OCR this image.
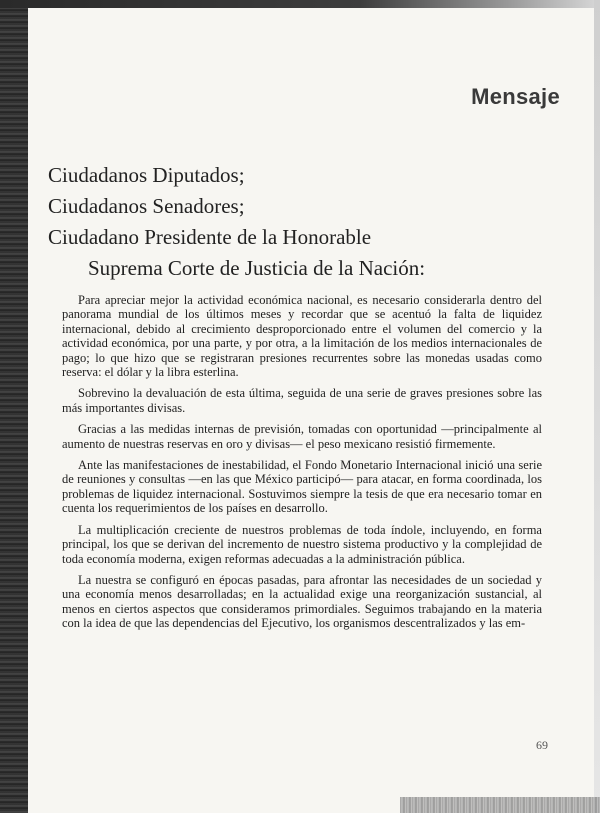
Mensaje
Ciudadanos Diputados;
Ciudadanos Senadores;
Ciudadano Presidente de la Honorable
Suprema Corte de Justicia de la Nación:

Para apreciar mejor la actividad económica nacional, es necesario considerarla dentro del panorama mundial de los últimos meses y recordar que se acentuó la falta de liquidez internacional, debido al crecimiento desproporcionado entre el volumen del comercio y la actividad económica, por una parte, y por otra, a la limitación de los medios internacionales de pago; lo que hizo que se registraran presiones recurrentes sobre las monedas usadas como reserva: el dólar y la libra esterlina.

Sobrevino la devaluación de esta última, seguida de una serie de graves presiones sobre las más importantes divisas.

Gracias a las medidas internas de previsión, tomadas con oportunidad —principalmente al aumento de nuestras reservas en oro y divisas— el peso mexicano resistió firmemente.

Ante las manifestaciones de inestabilidad, el Fondo Monetario Internacional inició una serie de reuniones y consultas —en las que México participó— para atacar, en forma coordinada, los problemas de liquidez internacional. Sostuvimos siempre la tesis de que era necesario tomar en cuenta los requerimientos de los países en desarrollo.

La multiplicación creciente de nuestros problemas de toda índole, incluyendo, en forma principal, los que se derivan del incremento de nuestro sistema productivo y la complejidad de toda economía moderna, exigen reformas adecuadas a la administración pública.

La nuestra se configuró en épocas pasadas, para afrontar las necesidades de un sociedad y una economía menos desarrolladas; en la actualidad exige una reorganización sustancial, al menos en ciertos aspectos que consideramos primordiales. Seguimos trabajando en la materia con la idea de que las dependencias del Ejecutivo, los organismos descentralizados y las em-

69
